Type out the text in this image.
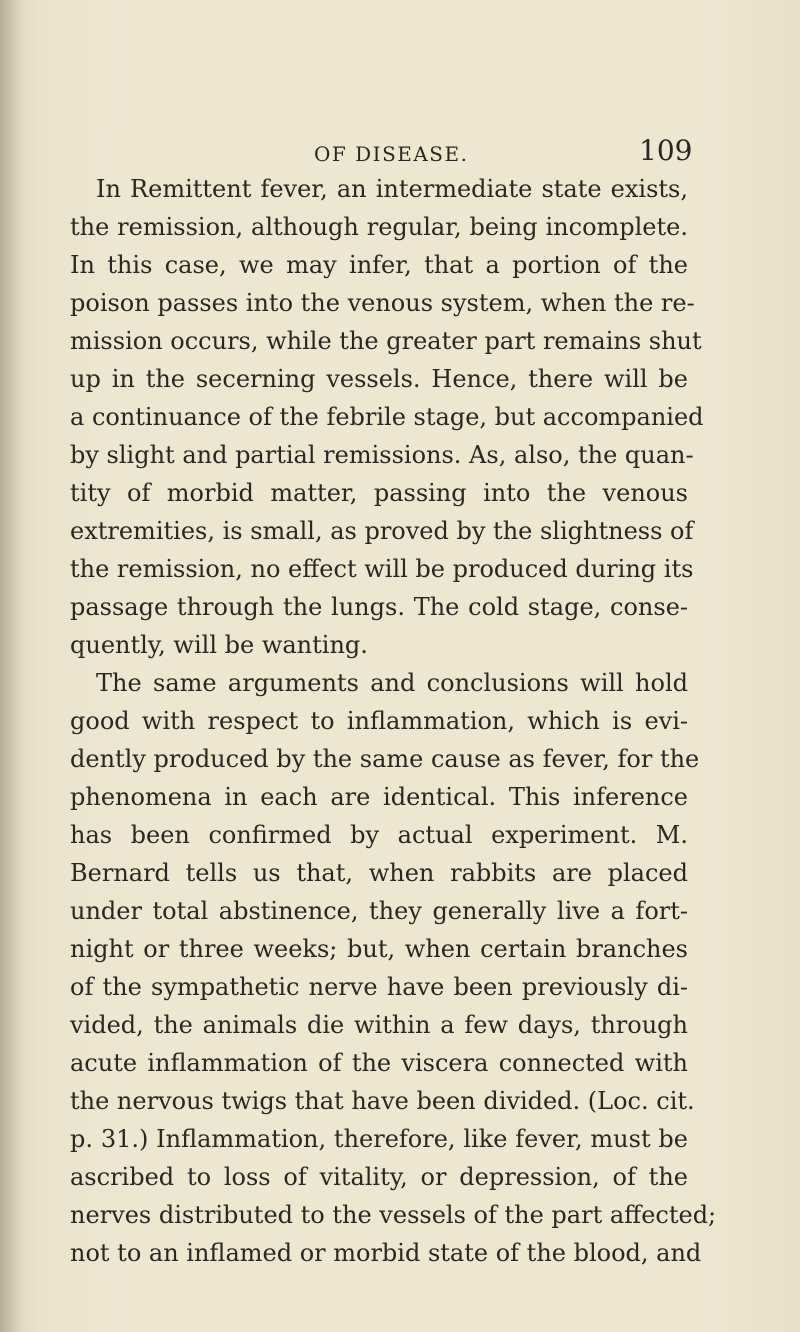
OF DISEASE.	109
In Remittent fever, an intermediate state exists,
the remission, although regular, being incomplete.
In this case, we may infer, that a portion of the
poison passes into the venous system, when the re-
mission occurs, while the greater part remains shut
up in the secerning vessels. Hence, there will be
a continuance of the febrile stage, but accompanied
by slight and partial remissions. As, also, the quan-
tity of morbid matter, passing into the venous
extremities, is small, as proved by the slightness of
the remission, no effect will be produced during its
passage through the lungs. The cold stage, conse-
quently, will be wanting.
The same arguments and conclusions will hold
good with respect to inflammation, which is evi-
dently produced by the same cause as fever, for the
phenomena in each are identical. This inference
has been confirmed by actual experiment. M.
Bernard tells us that, when rabbits are placed
under total abstinence, they generally live a fort-
night or three weeks; but, when certain branches
of the sympathetic nerve have been previously di-
vided, the animals die within a few days, through
acute inflammation of the viscera connected with
the nervous twigs that have been divided. (Loc. cit.
p. 31.) Inflammation, therefore, like fever, must be
ascribed to loss of vitality, or depression, of the
nerves distributed to the vessels of the part affected;
not to an inflamed or morbid state of the blood, and
